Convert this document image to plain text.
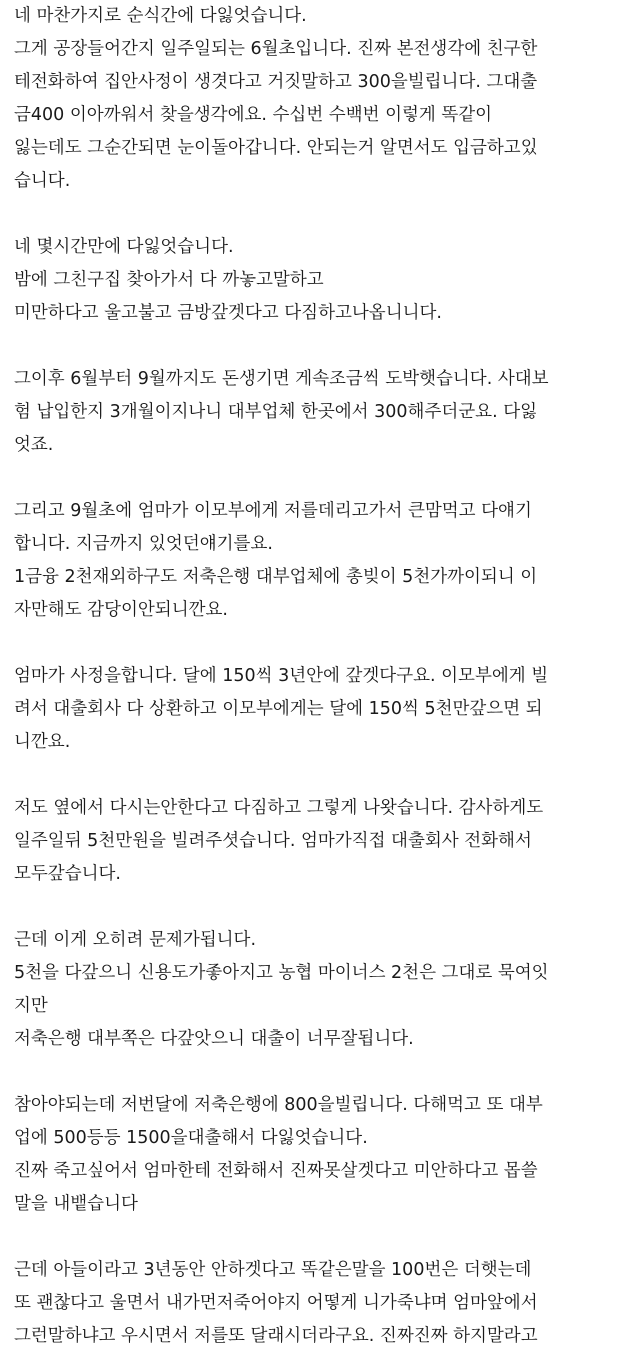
네 마찬가지로 순식간에 다잃엇습니다.
그게 공장들어간지 일주일되는 6월초입니다. 진짜 본전생각에 친구한
테전화하여 집안사정이 생겻다고 거짓말하고 300을빌립니다. 그대출
금400 이아까워서 찾을생각에요. 수십번 수백번 이렇게 똑같이
잃는데도 그순간되면 눈이돌아갑니다. 안되는거 알면서도 입금하고있
습니다.
네 몇시간만에 다잃엇습니다.
밤에 그친구집 찾아가서 다 까놓고말하고
미만하다고 울고불고 금방갚겟다고 다짐하고나옵니니다.
그이후 6월부터 9월까지도 돈생기면 게속조금씩 도박햇습니다. 사대보
험 납입한지 3개월이지나니 대부업체 한곳에서 300해주더군요. 다잃
엇죠.
그리고 9월초에 엄마가 이모부에게 저를데리고가서 큰맘먹고 다얘기
합니다. 지금까지 있엇던얘기를요.
1금융 2천재외하구도 저축은행 대부업체에 총빚이 5천가까이되니 이
자만해도 감당이안되니깐요.
엄마가 사정을합니다. 달에 150씩 3년안에 갚겟다구요. 이모부에게 빌
려서 대출회사 다 상환하고 이모부에게는 달에 150씩 5천만갚으면 되
니깐요.
저도 옆에서 다시는안한다고 다짐하고 그렇게 나왓습니다. 감사하게도
일주일뒤 5천만원을 빌려주셧습니다. 엄마가직접 대출회사 전화해서
모두갚습니다.
근데 이게 오히려 문제가됩니다.
5천을 다갚으니 신용도가좋아지고 농협 마이너스 2천은 그대로 묵여잇
지만
저축은행 대부쪽은 다갚앗으니 대출이 너무잘됩니다.
참아야되는데 저번달에 저축은행에 800을빌립니다. 다해먹고 또 대부
업에 500등등 1500을대출해서 다잃엇습니다.
진짜 죽고싶어서 엄마한테 전화해서 진짜못살겟다고 미안하다고 몹쓸
말을 내뱉습니다
근데 아들이라고 3년동안 안하겟다고 똑같은말을 100번은 더햇는데
또 괜찮다고 울면서 내가먼저죽어야지 어떻게 니가죽냐며 엄마앞에서
그런말하냐고 우시면서 저를또 달래시더라구요. 진짜진짜 하지말라고
